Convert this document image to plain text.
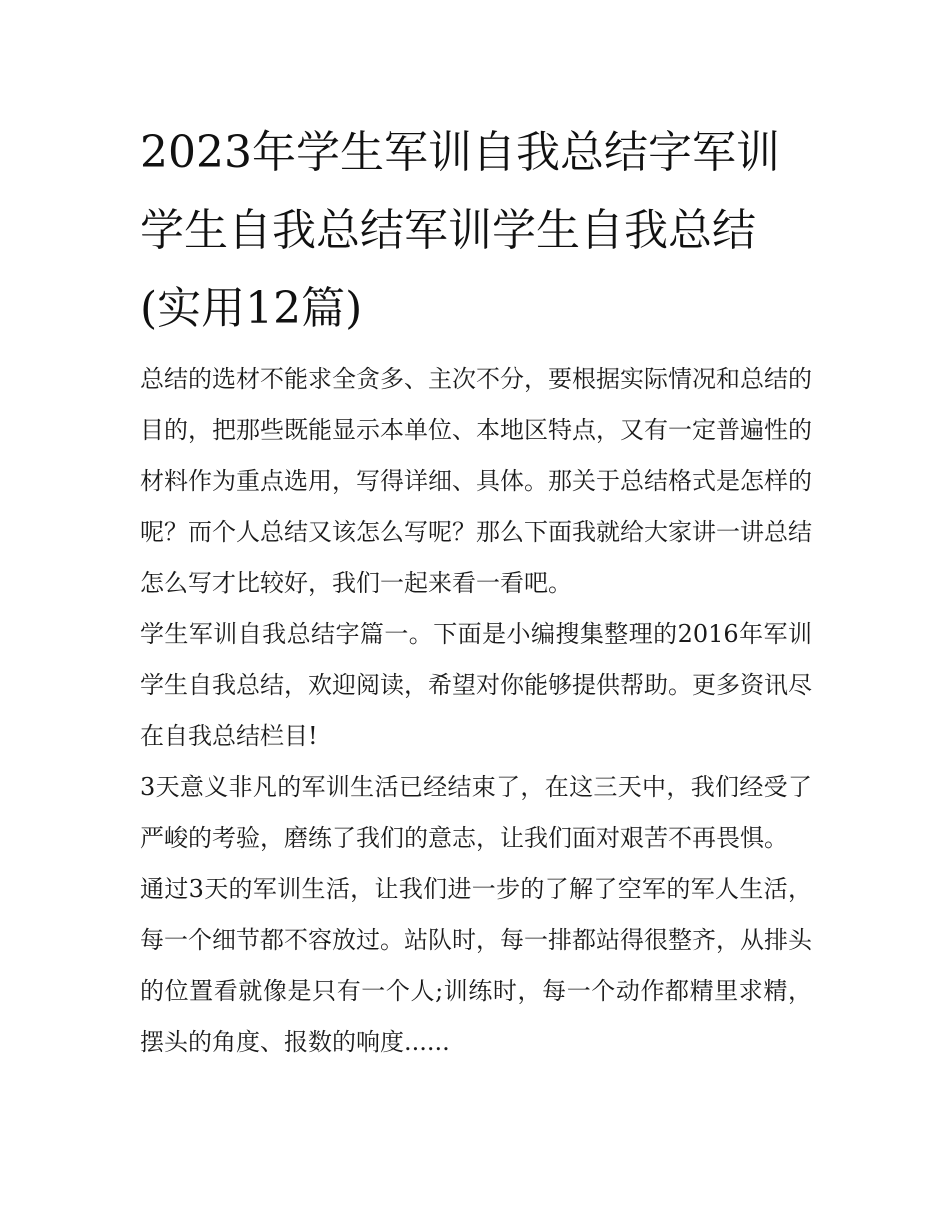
2023年学生军训自我总结字军训学生自我总结军训学生自我总结(实用12篇)

总结的选材不能求全贪多、主次不分，要根据实际情况和总结的目的，把那些既能显示本单位、本地区特点，又有一定普遍性的材料作为重点选用，写得详细、具体。那关于总结格式是怎样的呢？而个人总结又该怎么写呢？那么下面我就给大家讲一讲总结怎么写才比较好，我们一起来看一看吧。

学生军训自我总结字篇一。下面是小编搜集整理的2016年军训学生自我总结，欢迎阅读，希望对你能够提供帮助。更多资讯尽在自我总结栏目!

3天意义非凡的军训生活已经结束了，在这三天中，我们经受了严峻的考验，磨练了我们的意志，让我们面对艰苦不再畏惧。

通过3天的军训生活，让我们进一步的了解了空军的军人生活，每一个细节都不容放过。站队时，每一排都站得很整齐，从排头的位置看就像是只有一个人;训练时，每一个动作都精里求精，摆头的角度、报数的响度......
